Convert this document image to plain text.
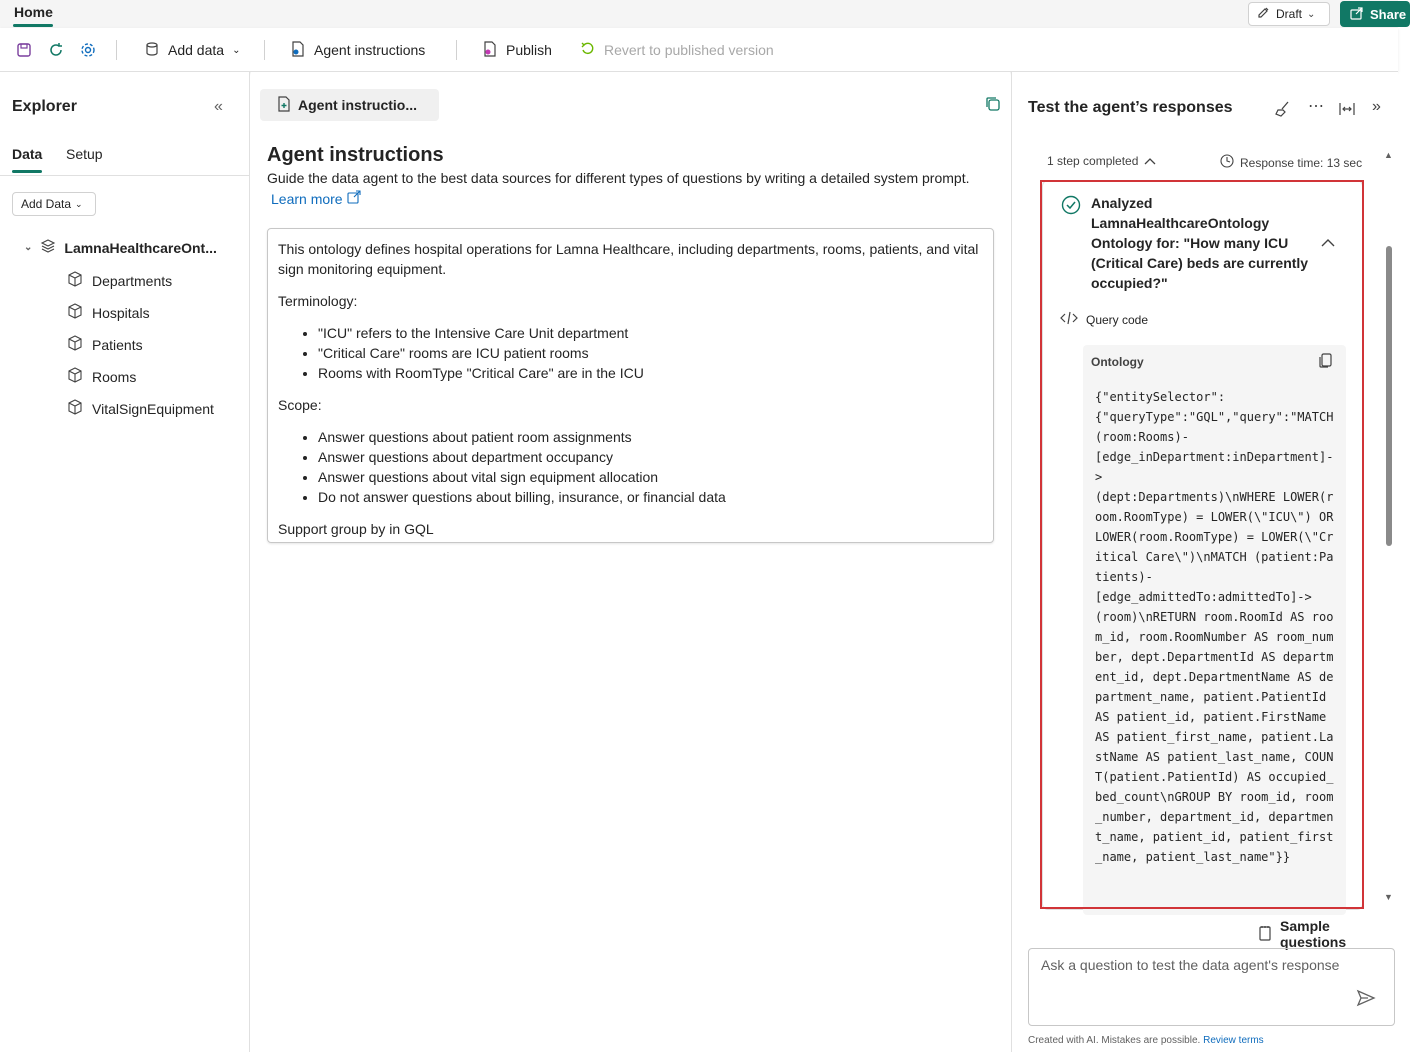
Home	Draft ⌄	Share
Add data ⌄	Agent instructions	Publish	Revert to published version
Explorer	«
Data Setup
Add Data ⌄
⌄ LamnaHealthcareOnt...
Departments
Hospitals
Patients
Rooms
VitalSignEquipment
Agent instructio...
Agent instructions
Guide the data agent to the best data sources for different types of questions by writing a detailed system prompt.
Learn more

This ontology defines hospital operations for Lamna Healthcare, including departments, rooms, patients, and vital sign monitoring equipment.

Terminology:

• "ICU" refers to the Intensive Care Unit department
• "Critical Care" rooms are ICU patient rooms
• Rooms with RoomType "Critical Care" are in the ICU

Scope:

• Answer questions about patient room assignments
• Answer questions about department occupancy
• Answer questions about vital sign equipment allocation
• Do not answer questions about billing, insurance, or financial data

Support group by in GQL

Test the agent’s responses	⋯	»
1 step completed	Response time: 13 sec
Analyzed LamnaHealthcareOntology Ontology for: "How many ICU (Critical Care) beds are currently occupied?"
Query code
Ontology
{"entitySelector":
{"queryType":"GQL","query":"MATCH (room:Rooms)-
[edge_inDepartment:inDepartment]->
(dept:Departments)\nWHERE LOWER(room.RoomType) = LOWER(\"ICU\") OR LOWER(room.RoomType) = LOWER(\"Critical Care\")\nMATCH (patient:Patients)-
[edge_admittedTo:admittedTo]->
(room)\nRETURN room.RoomId AS room_id, room.RoomNumber AS room_number, dept.DepartmentId AS department_id, dept.DepartmentName AS department_name, patient.PatientId AS patient_id, patient.FirstName AS patient_first_name, patient.LastName AS patient_last_name, COUNT(patient.PatientId) AS occupied_bed_count\nGROUP BY room_id, room_number, department_id, department_name, patient_id, patient_first_name, patient_last_name"}}
▲
▼
Sample questions
Ask a question to test the data agent's response
Created with AI. Mistakes are possible. Review terms
